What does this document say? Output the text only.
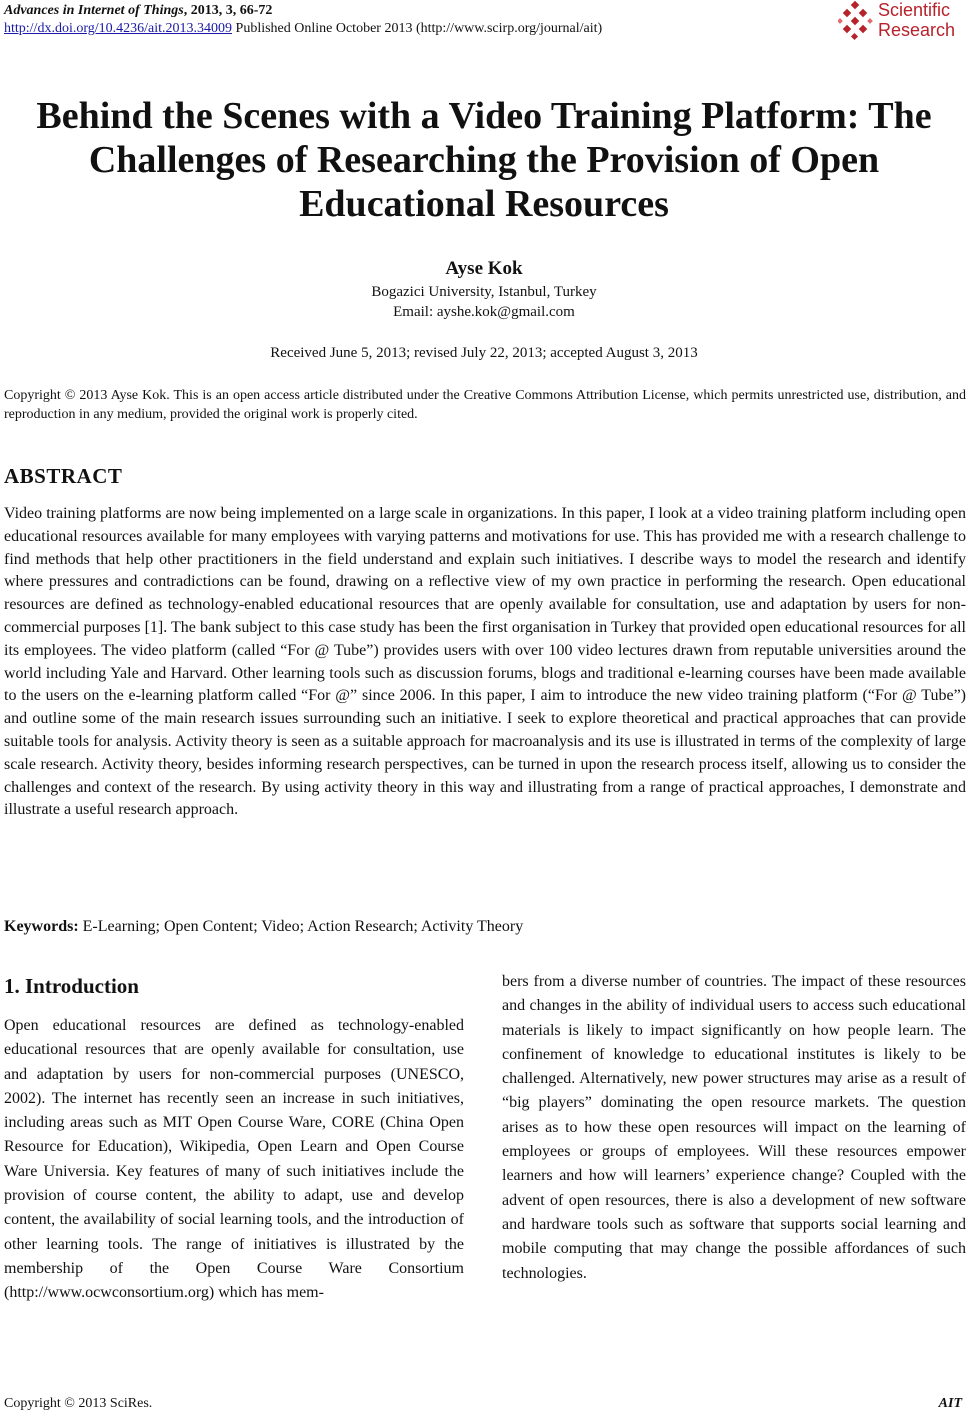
Advances in Internet of Things, 2013, 3, 66-72
http://dx.doi.org/10.4236/ait.2013.34009 Published Online October 2013 (http://www.scirp.org/journal/ait)
Scientific
Research
Behind the Scenes with a Video Training Platform: The Challenges of Researching the Provision of Open Educational Resources
Ayse Kok
Bogazici University, Istanbul, Turkey
Email: ayshe.kok@gmail.com
Received June 5, 2013; revised July 22, 2013; accepted August 3, 2013
Copyright © 2013 Ayse Kok. This is an open access article distributed under the Creative Commons Attribution License, which permits unrestricted use, distribution, and reproduction in any medium, provided the original work is properly cited.
ABSTRACT
Video training platforms are now being implemented on a large scale in organizations. In this paper, I look at a video training platform including open educational resources available for many employees with varying patterns and motivations for use. This has provided me with a research challenge to find methods that help other practitioners in the field understand and explain such initiatives. I describe ways to model the research and identify where pressures and contradictions can be found, drawing on a reflective view of my own practice in performing the research. Open educational resources are defined as technology-enabled educational resources that are openly available for consultation, use and adaptation by users for non-commercial purposes [1]. The bank subject to this case study has been the first organisation in Turkey that provided open educational resources for all its employees. The video platform (called “For @ Tube”) provides users with over 100 video lectures drawn from reputable universities around the world including Yale and Harvard. Other learning tools such as discussion forums, blogs and traditional e-learning courses have been made available to the users on the e-learning platform called “For @” since 2006. In this paper, I aim to introduce the new video training platform (“For @ Tube”) and outline some of the main research issues surrounding such an initiative. I seek to explore theoretical and practical approaches that can provide suitable tools for analysis. Activity theory is seen as a suitable approach for macroanalysis and its use is illustrated in terms of the complexity of large scale research. Activity theory, besides informing research perspectives, can be turned in upon the research process itself, allowing us to consider the challenges and context of the research. By using activity theory in this way and illustrating from a range of practical approaches, I demonstrate and illustrate a useful research approach.
Keywords: E-Learning; Open Content; Video; Action Research; Activity Theory
1. Introduction
Open educational resources are defined as technology-enabled educational resources that are openly available for consultation, use and adaptation by users for non-commercial purposes (UNESCO, 2002). The internet has recently seen an increase in such initiatives, including areas such as MIT Open Course Ware, CORE (China Open Resource for Education), Wikipedia, Open Learn and Open Course Ware Universia. Key features of many of such initiatives include the provision of course content, the ability to adapt, use and develop content, the availability of social learning tools, and the introduction of other learning tools. The range of initiatives is illustrated by the membership of the Open Course Ware Consortium (http://www.ocwconsortium.org) which has mem-
bers from a diverse number of countries. The impact of these resources and changes in the ability of individual users to access such educational materials is likely to impact significantly on how people learn. The confinement of knowledge to educational institutes is likely to be challenged. Alternatively, new power structures may arise as a result of “big players” dominating the open resource markets. The question arises as to how these open resources will impact on the learning of employees or groups of employees. Will these resources empower learners and how will learners’ experience change? Coupled with the advent of open resources, there is also a development of new software and hardware tools such as software that supports social learning and mobile computing that may change the possible affordances of such technologies.
Copyright © 2013 SciRes.	AIT
